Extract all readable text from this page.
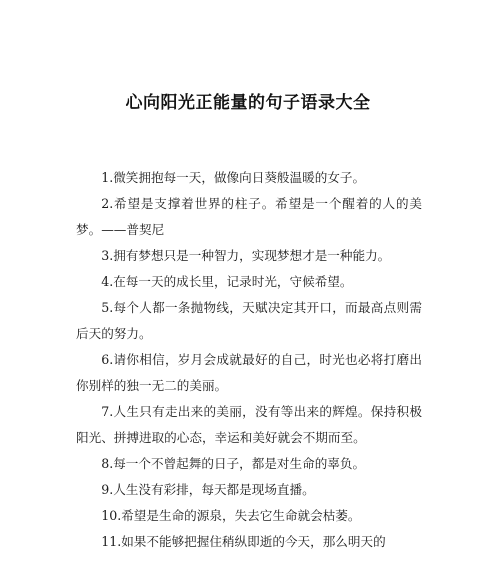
心向阳光正能量的句子语录大全

1.微笑拥抱每一天，做像向日葵般温暖的女子。

2.希望是支撑着世界的柱子。希望是一个醒着的人的美梦。——普契尼

3.拥有梦想只是一种智力，实现梦想才是一种能力。

4.在每一天的成长里，记录时光，守候希望。

5.每个人都一条抛物线，天赋决定其开口，而最高点则需后天的努力。

6.请你相信，岁月会成就最好的自己，时光也必将打磨出你别样的独一无二的美丽。

7.人生只有走出来的美丽，没有等出来的辉煌。保持积极阳光、拼搏进取的心态，幸运和美好就会不期而至。

8.每一个不曾起舞的日子，都是对生命的辜负。

9.人生没有彩排，每天都是现场直播。

10.希望是生命的源泉，失去它生命就会枯萎。

11.如果不能够把握住稍纵即逝的今天，那么明天的
